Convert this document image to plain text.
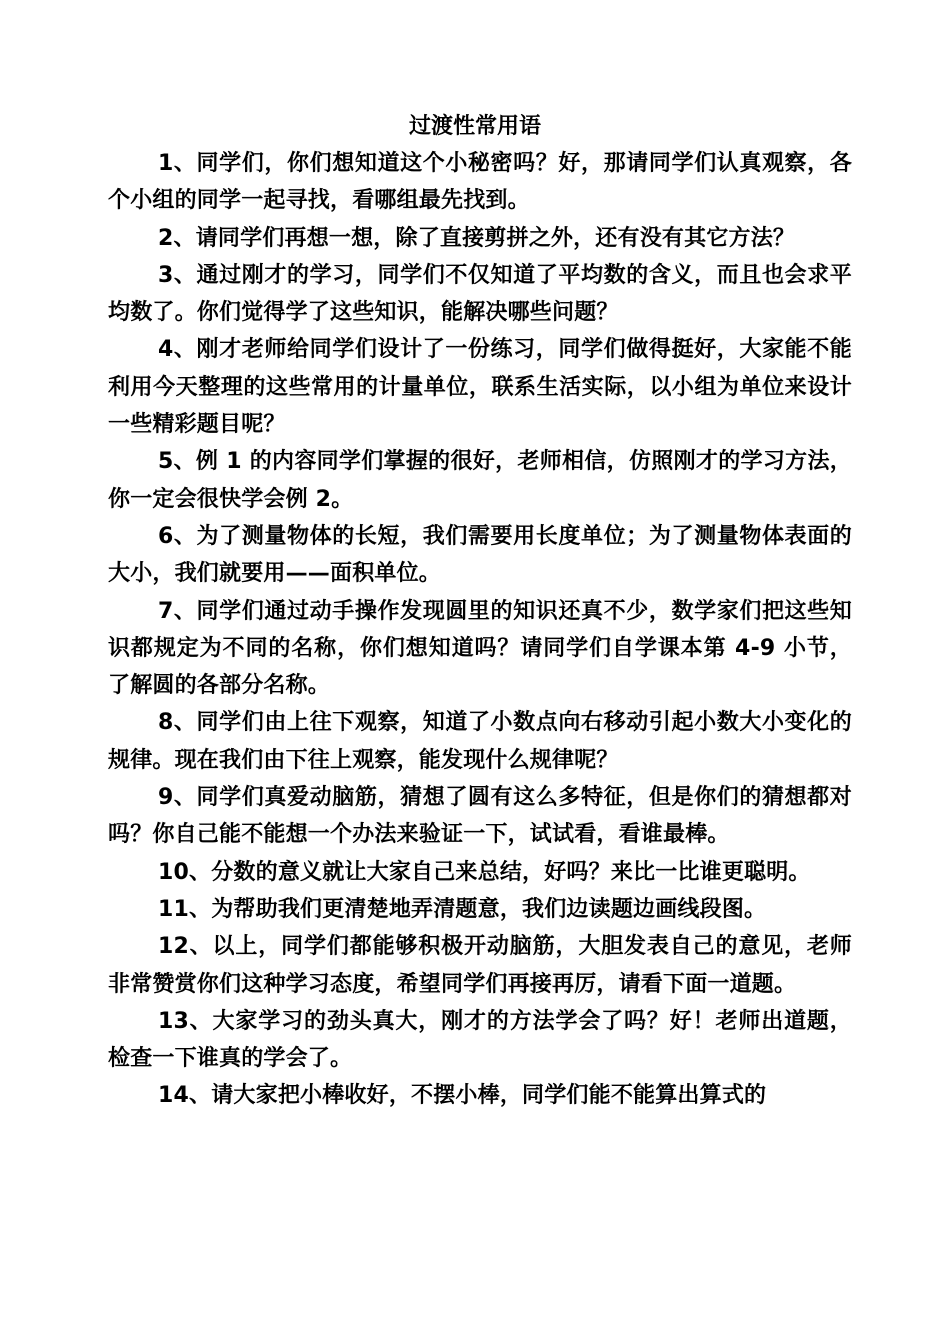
过渡性常用语

1、同学们，你们想知道这个小秘密吗？好，那请同学们认真观察，各个小组的同学一起寻找，看哪组最先找到。

2、请同学们再想一想，除了直接剪拼之外，还有没有其它方法？

3、通过刚才的学习，同学们不仅知道了平均数的含义，而且也会求平均数了。你们觉得学了这些知识，能解决哪些问题？

4、刚才老师给同学们设计了一份练习，同学们做得挺好，大家能不能利用今天整理的这些常用的计量单位，联系生活实际，以小组为单位来设计一些精彩题目呢？

5、例 1 的内容同学们掌握的很好，老师相信，仿照刚才的学习方法，你一定会很快学会例 2。

6、为了测量物体的长短，我们需要用长度单位；为了测量物体表面的大小，我们就要用——面积单位。

7、同学们通过动手操作发现圆里的知识还真不少，数学家们把这些知识都规定为不同的名称，你们想知道吗？请同学们自学课本第 4-9 小节，了解圆的各部分名称。

8、同学们由上往下观察，知道了小数点向右移动引起小数大小变化的规律。现在我们由下往上观察，能发现什么规律呢？

9、同学们真爱动脑筋，猜想了圆有这么多特征，但是你们的猜想都对吗？你自己能不能想一个办法来验证一下，试试看，看谁最棒。

10、分数的意义就让大家自己来总结，好吗？来比一比谁更聪明。

11、为帮助我们更清楚地弄清题意，我们边读题边画线段图。

12、以上，同学们都能够积极开动脑筋，大胆发表自己的意见，老师非常赞赏你们这种学习态度，希望同学们再接再厉，请看下面一道题。

13、大家学习的劲头真大，刚才的方法学会了吗？好！老师出道题，检查一下谁真的学会了。

14、请大家把小棒收好，不摆小棒，同学们能不能算出算式的
